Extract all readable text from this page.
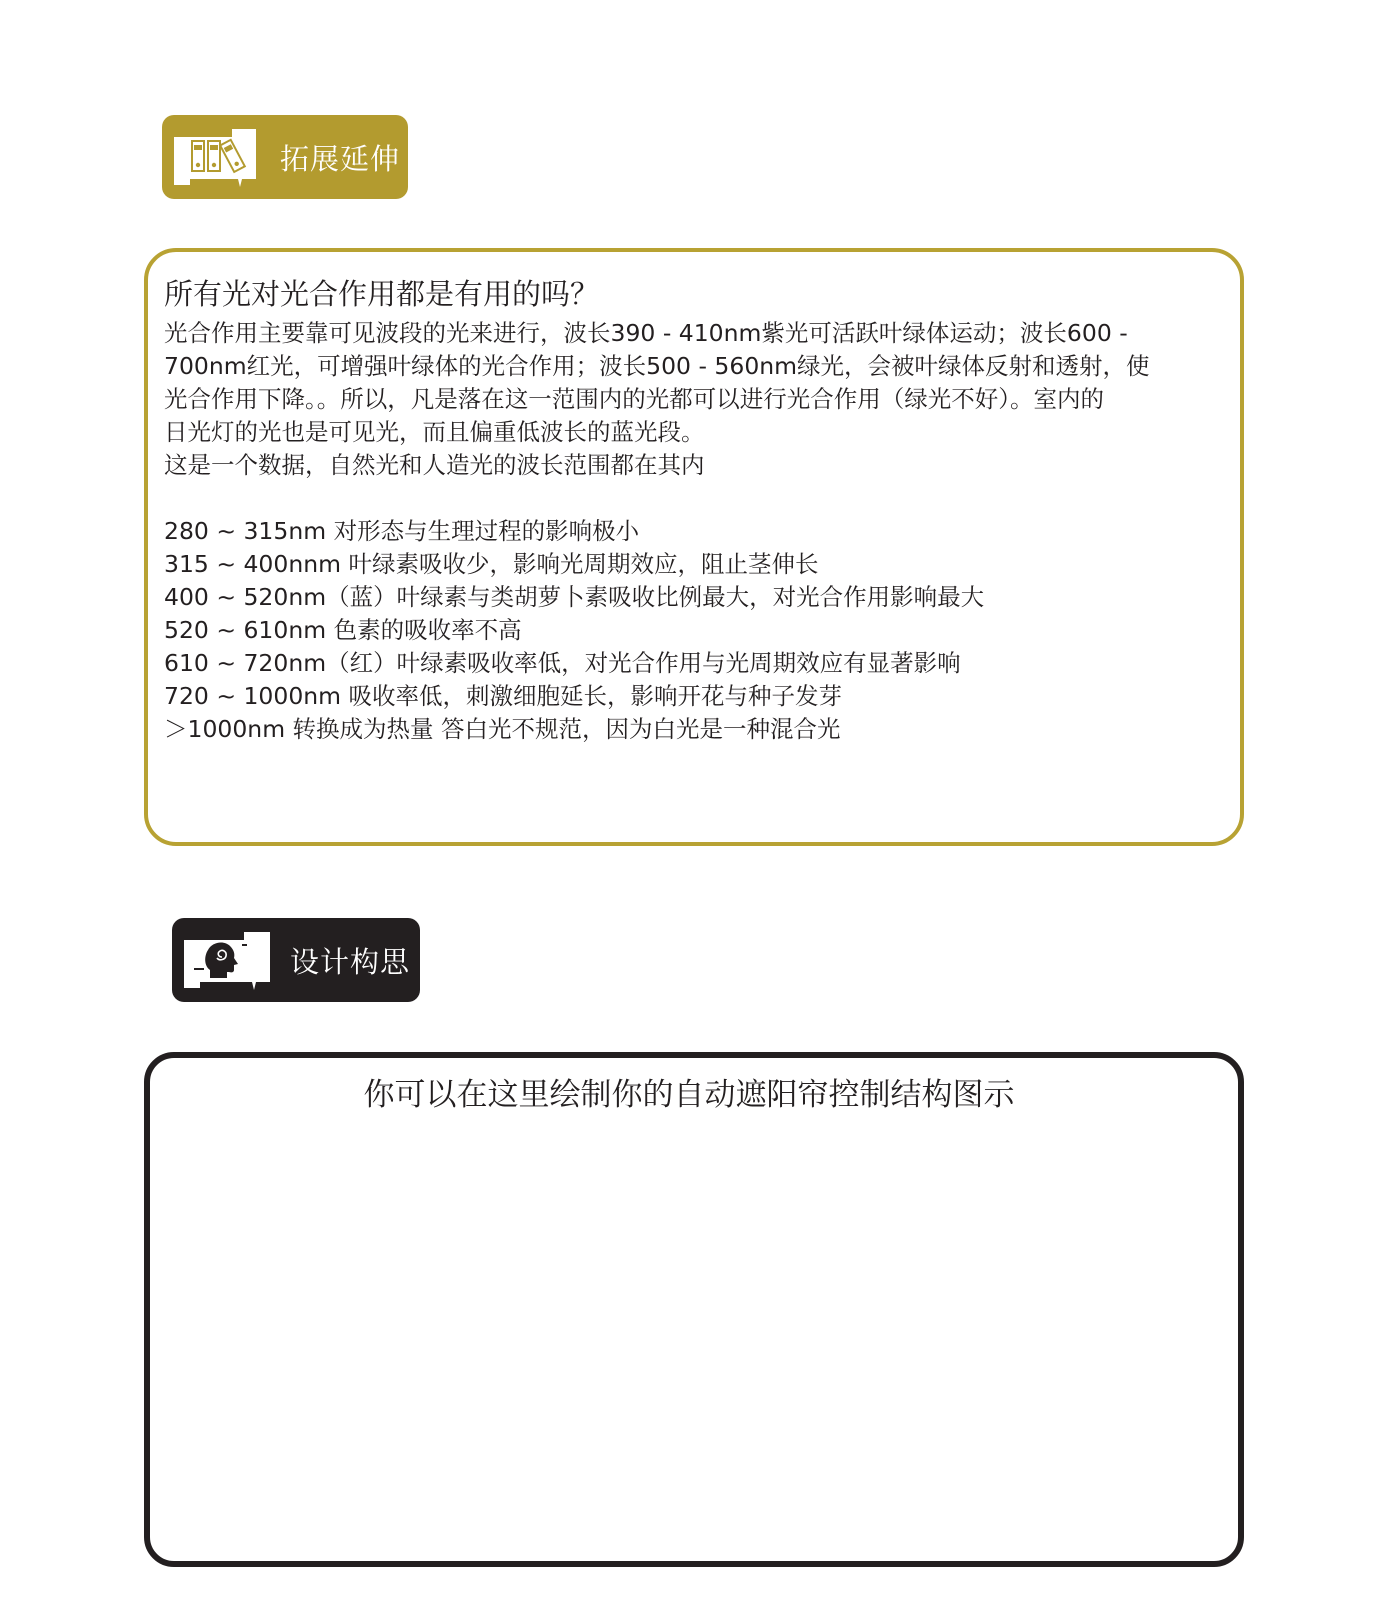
拓展延伸
所有光对光合作用都是有用的吗？

光合作用主要靠可见波段的光来进行，波长390 - 410nm紫光可活跃叶绿体运动；波长600 -
700nm红光，可增强叶绿体的光合作用；波长500 - 560nm绿光，会被叶绿体反射和透射，使
光合作用下降。。所以，凡是落在这一范围内的光都可以进行光合作用（绿光不好）。室内的
日光灯的光也是可见光，而且偏重低波长的蓝光段。
这是一个数据，自然光和人造光的波长范围都在其内

280 ~ 315nm 对形态与生理过程的影响极小
315 ~ 400nnm 叶绿素吸收少，影响光周期效应，阻止茎伸长
400 ~ 520nm（蓝）叶绿素与类胡萝卜素吸收比例最大，对光合作用影响最大
520 ~ 610nm 色素的吸收率不高
610 ~ 720nm（红）叶绿素吸收率低，对光合作用与光周期效应有显著影响
720 ~ 1000nm 吸收率低，刺激细胞延长，影响开花与种子发芽
＞1000nm 转换成为热量 答白光不规范，因为白光是一种混合光
设计构思
你可以在这里绘制你的自动遮阳帘控制结构图示
